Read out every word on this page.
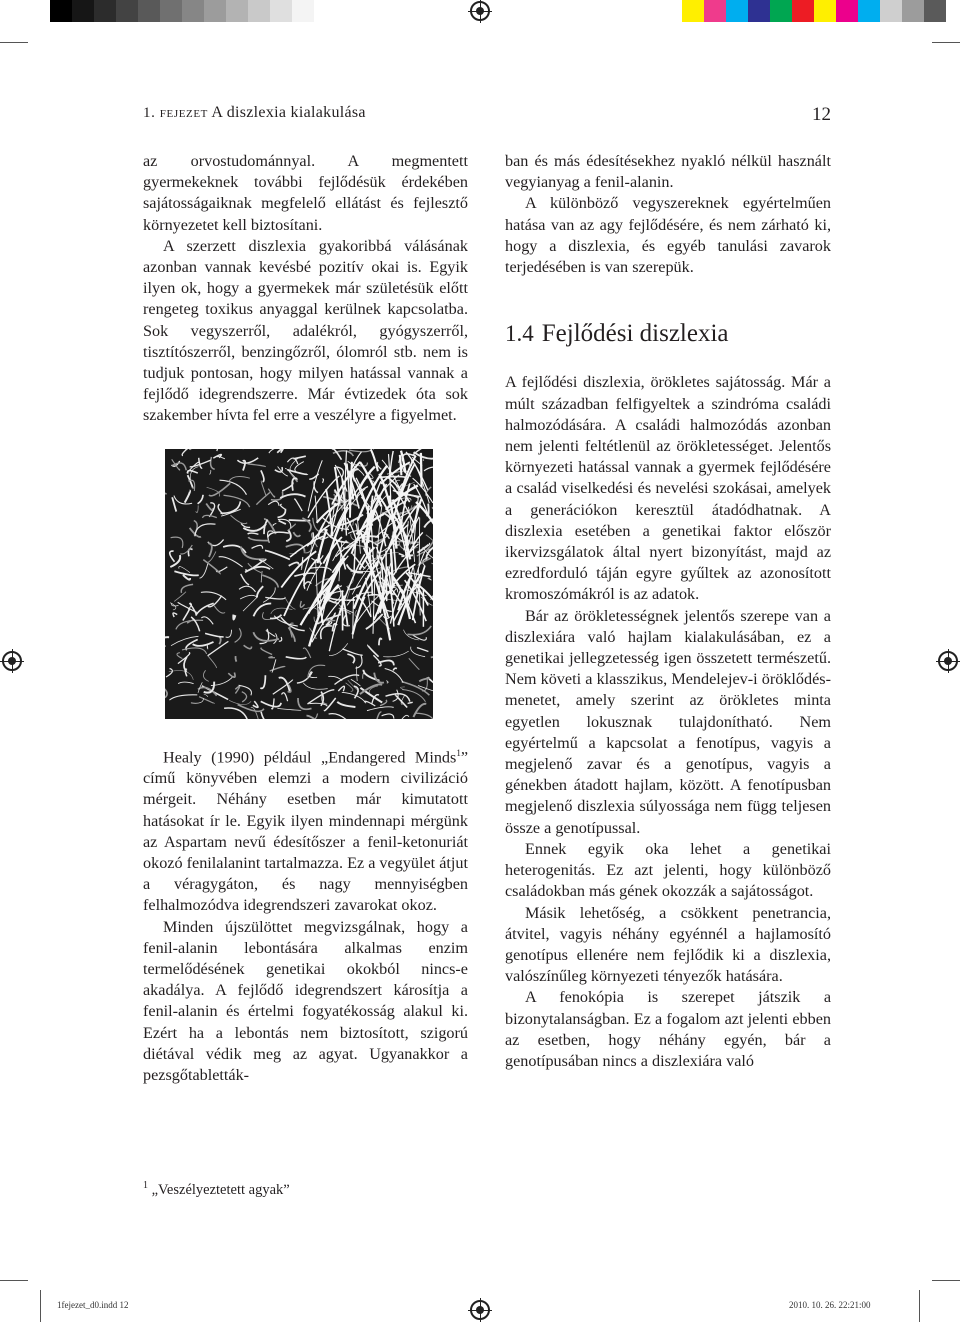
1. fejezet A diszlexia kialakulása	12

az orvostudománnyal. A megmentett gyermekeknek további fejlődésük érdekében sajátosságaiknak megfelelő ellátást és fejlesztő környezetet kell biztosítani.

A szerzett diszlexia gyakoribbá válásának azonban vannak kevésbé pozitív okai is. Egyik ilyen ok, hogy a gyermekek már születésük előtt rengeteg toxikus anyaggal kerülnek kapcsolatba. Sok vegyszerről, adalékról, gyógyszerről, tisztítószerről, benzingőzről, ólomról stb. nem is tudjuk pontosan, hogy milyen hatással vannak a fejlődő idegrendszerre. Már évtizedek óta sok szakember hívta fel erre a veszélyre a figyelmet.

Healy (1990) például „Endangered Minds$^1$” című könyvében elemzi a modern civilizáció mérgeit. Néhány esetben már kimutatott hatásokat ír le. Egyik ilyen mindennapi mérgünk az Aspartam nevű édesítőszer a fenil-ketonuriát okozó fenilalanint tartalmazza. Ez a vegyület átjut a véragygáton, és nagy mennyiségben felhalmozódva idegrendszeri zavarokat okoz.

Minden újszülöttet megvizsgálnak, hogy a fenil-alanin lebontására alkalmas enzim termelődésének genetikai okokból nincs-e akadálya. A fejlődő idegrendszert károsítja a fenil-alanin és értelmi fogyatékosság alakul ki. Ezért ha a lebontás nem biztosított, szigorú diétával védik meg az agyat. Ugyanakkor a pezsgőtabletták-

$^1$ „Veszélyeztetett agyak”

ban és más édesítésekhez nyakló nélkül használt vegyianyag a fenil-alanin.

A különböző vegyszereknek egyértelműen hatása van az agy fejlődésére, és nem zárható ki, hogy a diszlexia, és egyéb tanulási zavarok terjedésében is van szerepük.

1.4 Fejlődési diszlexia

A fejlődési diszlexia, örökletes sajátosság. Már a múlt században felfigyeltek a szindróma családi halmozódására. A családi halmozódás azonban nem jelenti feltétlenül az örökletességet. Jelentős környezeti hatással vannak a gyermek fejlődésére a család viselkedési és nevelési szokásai, amelyek a generációkon keresztül átadódhatnak. A diszlexia esetében a genetikai faktor először ikervizsgálatok által nyert bizonyítást, majd az ezredforduló táján egyre gyűltek az azonosított kromoszómákról is az adatok.

Bár az örökletességnek jelentős szerepe van a diszlexiára való hajlam kialakulásában, ez a genetikai jellegzetesség igen összetett természetű. Nem követi a klasszikus, Mendelejev-i öröklődés-menetet, amely szerint az örökletes minta egyetlen lokusznak tulajdonítható. Nem egyértelmű a kapcsolat a fenotípus, vagyis a megjelenő zavar és a genotípus, vagyis a génekben átadott hajlam, között. A fenotípusban megjelenő diszlexia súlyossága nem függ teljesen össze a genotípussal.

Ennek egyik oka lehet a genetikai heterogenitás. Ez azt jelenti, hogy különböző családokban más gének okozzák a sajátosságot.

Másik lehetőség, a csökkent penetrancia, átvitel, vagyis néhány egyénnél a hajlamosító genotípus ellenére nem fejlődik ki a diszlexia, valószínűleg környezeti tényezők hatására.

A fenokópia is szerepet játszik a bizonytalanságban. Ez a fogalom azt jelenti ebben az esetben, hogy néhány egyén, bár a genotípusában nincs a diszlexiára való

1fejezet_d0.indd 12	2010. 10. 26. 22:21:00
